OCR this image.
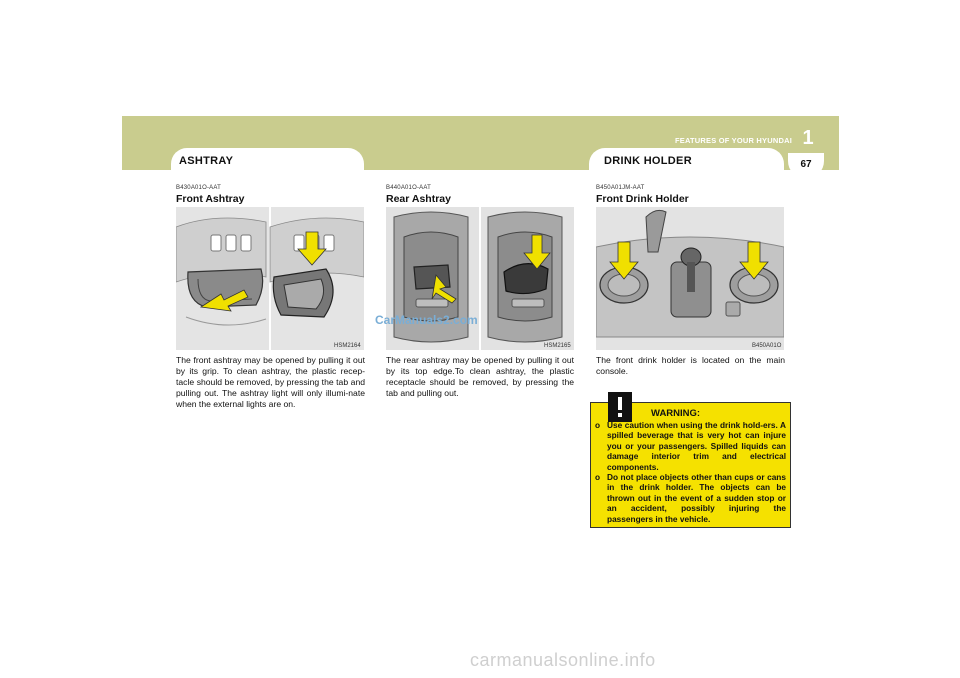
FEATURES OF YOUR HYUNDAI 1
67
ASHTRAY	DRINK HOLDER
B430A01O-AAT
Front Ashtray
HSM2164
The front ashtray may be opened by pulling it out by its grip. To clean ashtray, the plastic recep-tacle should be removed, by pressing the tab and pulling out. The ashtray light will only illumi-nate when the external lights are on.
B440A01O-AAT
Rear Ashtray
HSM2165
CarManuals2.com
The rear ashtray may be opened by pulling it out by its top edge.To clean ashtray, the plastic receptacle should be removed, by pressing the tab and pulling out.
B450A01JM-AAT
Front Drink Holder
B450A01O
The front drink holder is located on the main console.
WARNING:
o Use caution when using the drink hold-ers. A spilled beverage that is very hot can injure you or your passengers. Spilled liquids can damage interior trim and electrical components.
o Do not place objects other than cups or cans in the drink holder. The objects can be thrown out in the event of a sudden stop or an accident, possibly injuring the passengers in the vehicle.
carmanualsonline.info
